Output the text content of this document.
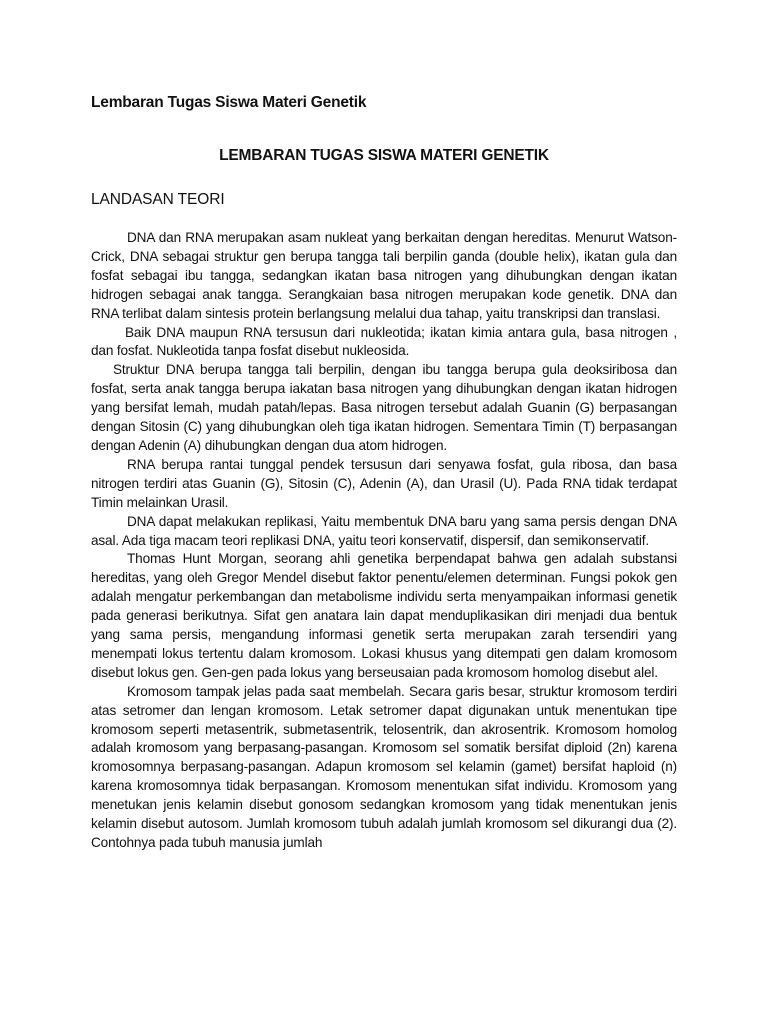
Lembaran Tugas Siswa Materi Genetik
LEMBARAN TUGAS SISWA MATERI GENETIK
LANDASAN TEORI

DNA dan RNA merupakan asam nukleat yang berkaitan dengan hereditas. Menurut Watson-Crick, DNA sebagai struktur gen berupa tangga tali berpilin ganda (double helix), ikatan gula dan fosfat sebagai ibu tangga, sedangkan ikatan basa nitrogen yang dihubungkan dengan ikatan hidrogen sebagai anak tangga. Serangkaian basa nitrogen merupakan kode genetik. DNA dan RNA terlibat dalam sintesis protein berlangsung melalui dua tahap, yaitu transkripsi dan translasi.

Baik DNA maupun RNA tersusun dari nukleotida; ikatan kimia antara gula, basa nitrogen , dan fosfat. Nukleotida tanpa fosfat disebut nukleosida.

Struktur DNA berupa tangga tali berpilin, dengan ibu tangga berupa gula deoksiribosa dan fosfat, serta anak tangga berupa iakatan basa nitrogen yang dihubungkan dengan ikatan hidrogen yang bersifat lemah, mudah patah/lepas. Basa nitrogen tersebut adalah Guanin (G) berpasangan dengan Sitosin (C) yang dihubungkan oleh tiga ikatan hidrogen. Sementara Timin (T) berpasangan dengan Adenin (A) dihubungkan dengan dua atom hidrogen.

RNA berupa rantai tunggal pendek tersusun dari senyawa fosfat, gula ribosa, dan basa nitrogen terdiri atas Guanin (G), Sitosin (C), Adenin (A), dan Urasil (U). Pada RNA tidak terdapat Timin melainkan Urasil.

DNA dapat melakukan replikasi, Yaitu membentuk DNA baru yang sama persis dengan DNA asal. Ada tiga macam teori replikasi DNA, yaitu teori konservatif, dispersif, dan semikonservatif.

Thomas Hunt Morgan, seorang ahli genetika berpendapat bahwa gen adalah substansi hereditas, yang oleh Gregor Mendel disebut faktor penentu/elemen determinan. Fungsi pokok gen adalah mengatur perkembangan dan metabolisme individu serta menyampaikan informasi genetik pada generasi berikutnya. Sifat gen anatara lain dapat menduplikasikan diri menjadi dua bentuk yang sama persis, mengandung informasi genetik serta merupakan zarah tersendiri yang menempati lokus tertentu dalam kromosom. Lokasi khusus yang ditempati gen dalam kromosom disebut lokus gen. Gen-gen pada lokus yang berseusaian pada kromosom homolog disebut alel.

Kromosom tampak jelas pada saat membelah. Secara garis besar, struktur kromosom terdiri atas setromer dan lengan kromosom. Letak setromer dapat digunakan untuk menentukan tipe kromosom seperti metasentrik, submetasentrik, telosentrik, dan akrosentrik. Kromosom homolog adalah kromosom yang berpasang-pasangan. Kromosom sel somatik bersifat diploid (2n) karena kromosomnya berpasang-pasangan. Adapun kromosom sel kelamin (gamet) bersifat haploid (n) karena kromosomnya tidak berpasangan. Kromosom menentukan sifat individu. Kromosom yang menetukan jenis kelamin disebut gonosom sedangkan kromosom yang tidak menentukan jenis kelamin disebut autosom. Jumlah kromosom tubuh adalah jumlah kromosom sel dikurangi dua (2). Contohnya pada tubuh manusia jumlah
